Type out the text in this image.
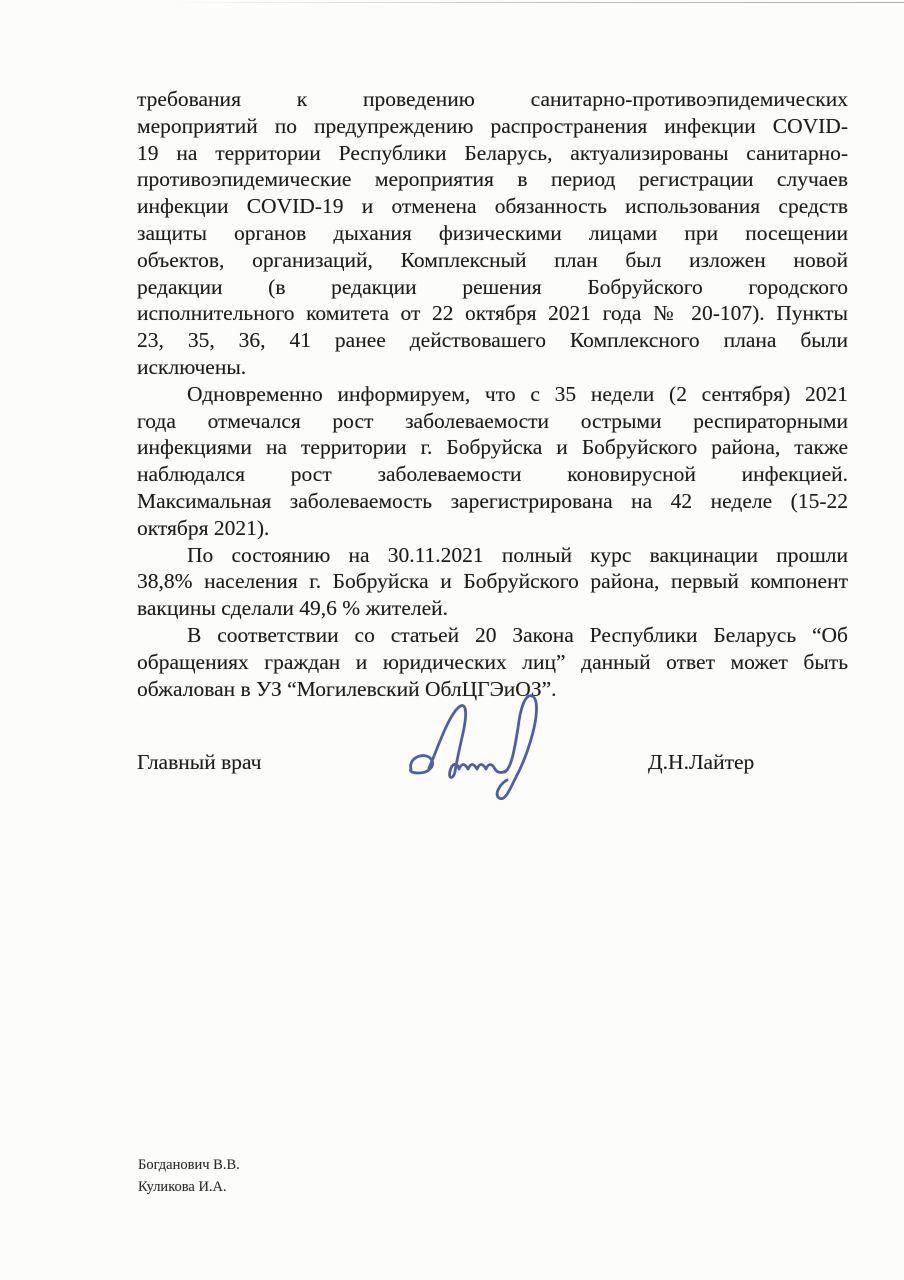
требования к проведению санитарно-противоэпидемических
мероприятий по предупреждению распространения инфекции COVID-
19 на территории Республики Беларусь, актуализированы санитарно-
противоэпидемические мероприятия в период регистрации случаев
инфекции COVID-19 и отменена обязанность использования средств
защиты органов дыхания физическими лицами при посещении
объектов, организаций, Комплексный план был изложен новой
редакции (в редакции решения Бобруйского городского
исполнительного комитета от 22 октября 2021 года № 20-107). Пункты
23, 35, 36, 41 ранее действовашего Комплексного плана были
исключены.
Одновременно информируем, что с 35 недели (2 сентября) 2021
года отмечался рост заболеваемости острыми респираторными
инфекциями на территории г. Бобруйска и Бобруйского района, также
наблюдался рост заболеваемости коновирусной инфекцией.
Максимальная заболеваемость зарегистрирована на 42 неделе (15-22
октября 2021).
По состоянию на 30.11.2021 полный курс вакцинации прошли
38,8% населения г. Бобруйска и Бобруйского района, первый компонент
вакцины сделали 49,6 % жителей.
В соответствии со статьей 20 Закона Республики Беларусь “Об
обращениях граждан и юридических лиц” данный ответ может быть
обжалован в УЗ “Могилевский ОблЦГЭиОЗ”.
Главный врач	Д.Н.Лайтер
Богданович В.В.
Куликова И.А.
